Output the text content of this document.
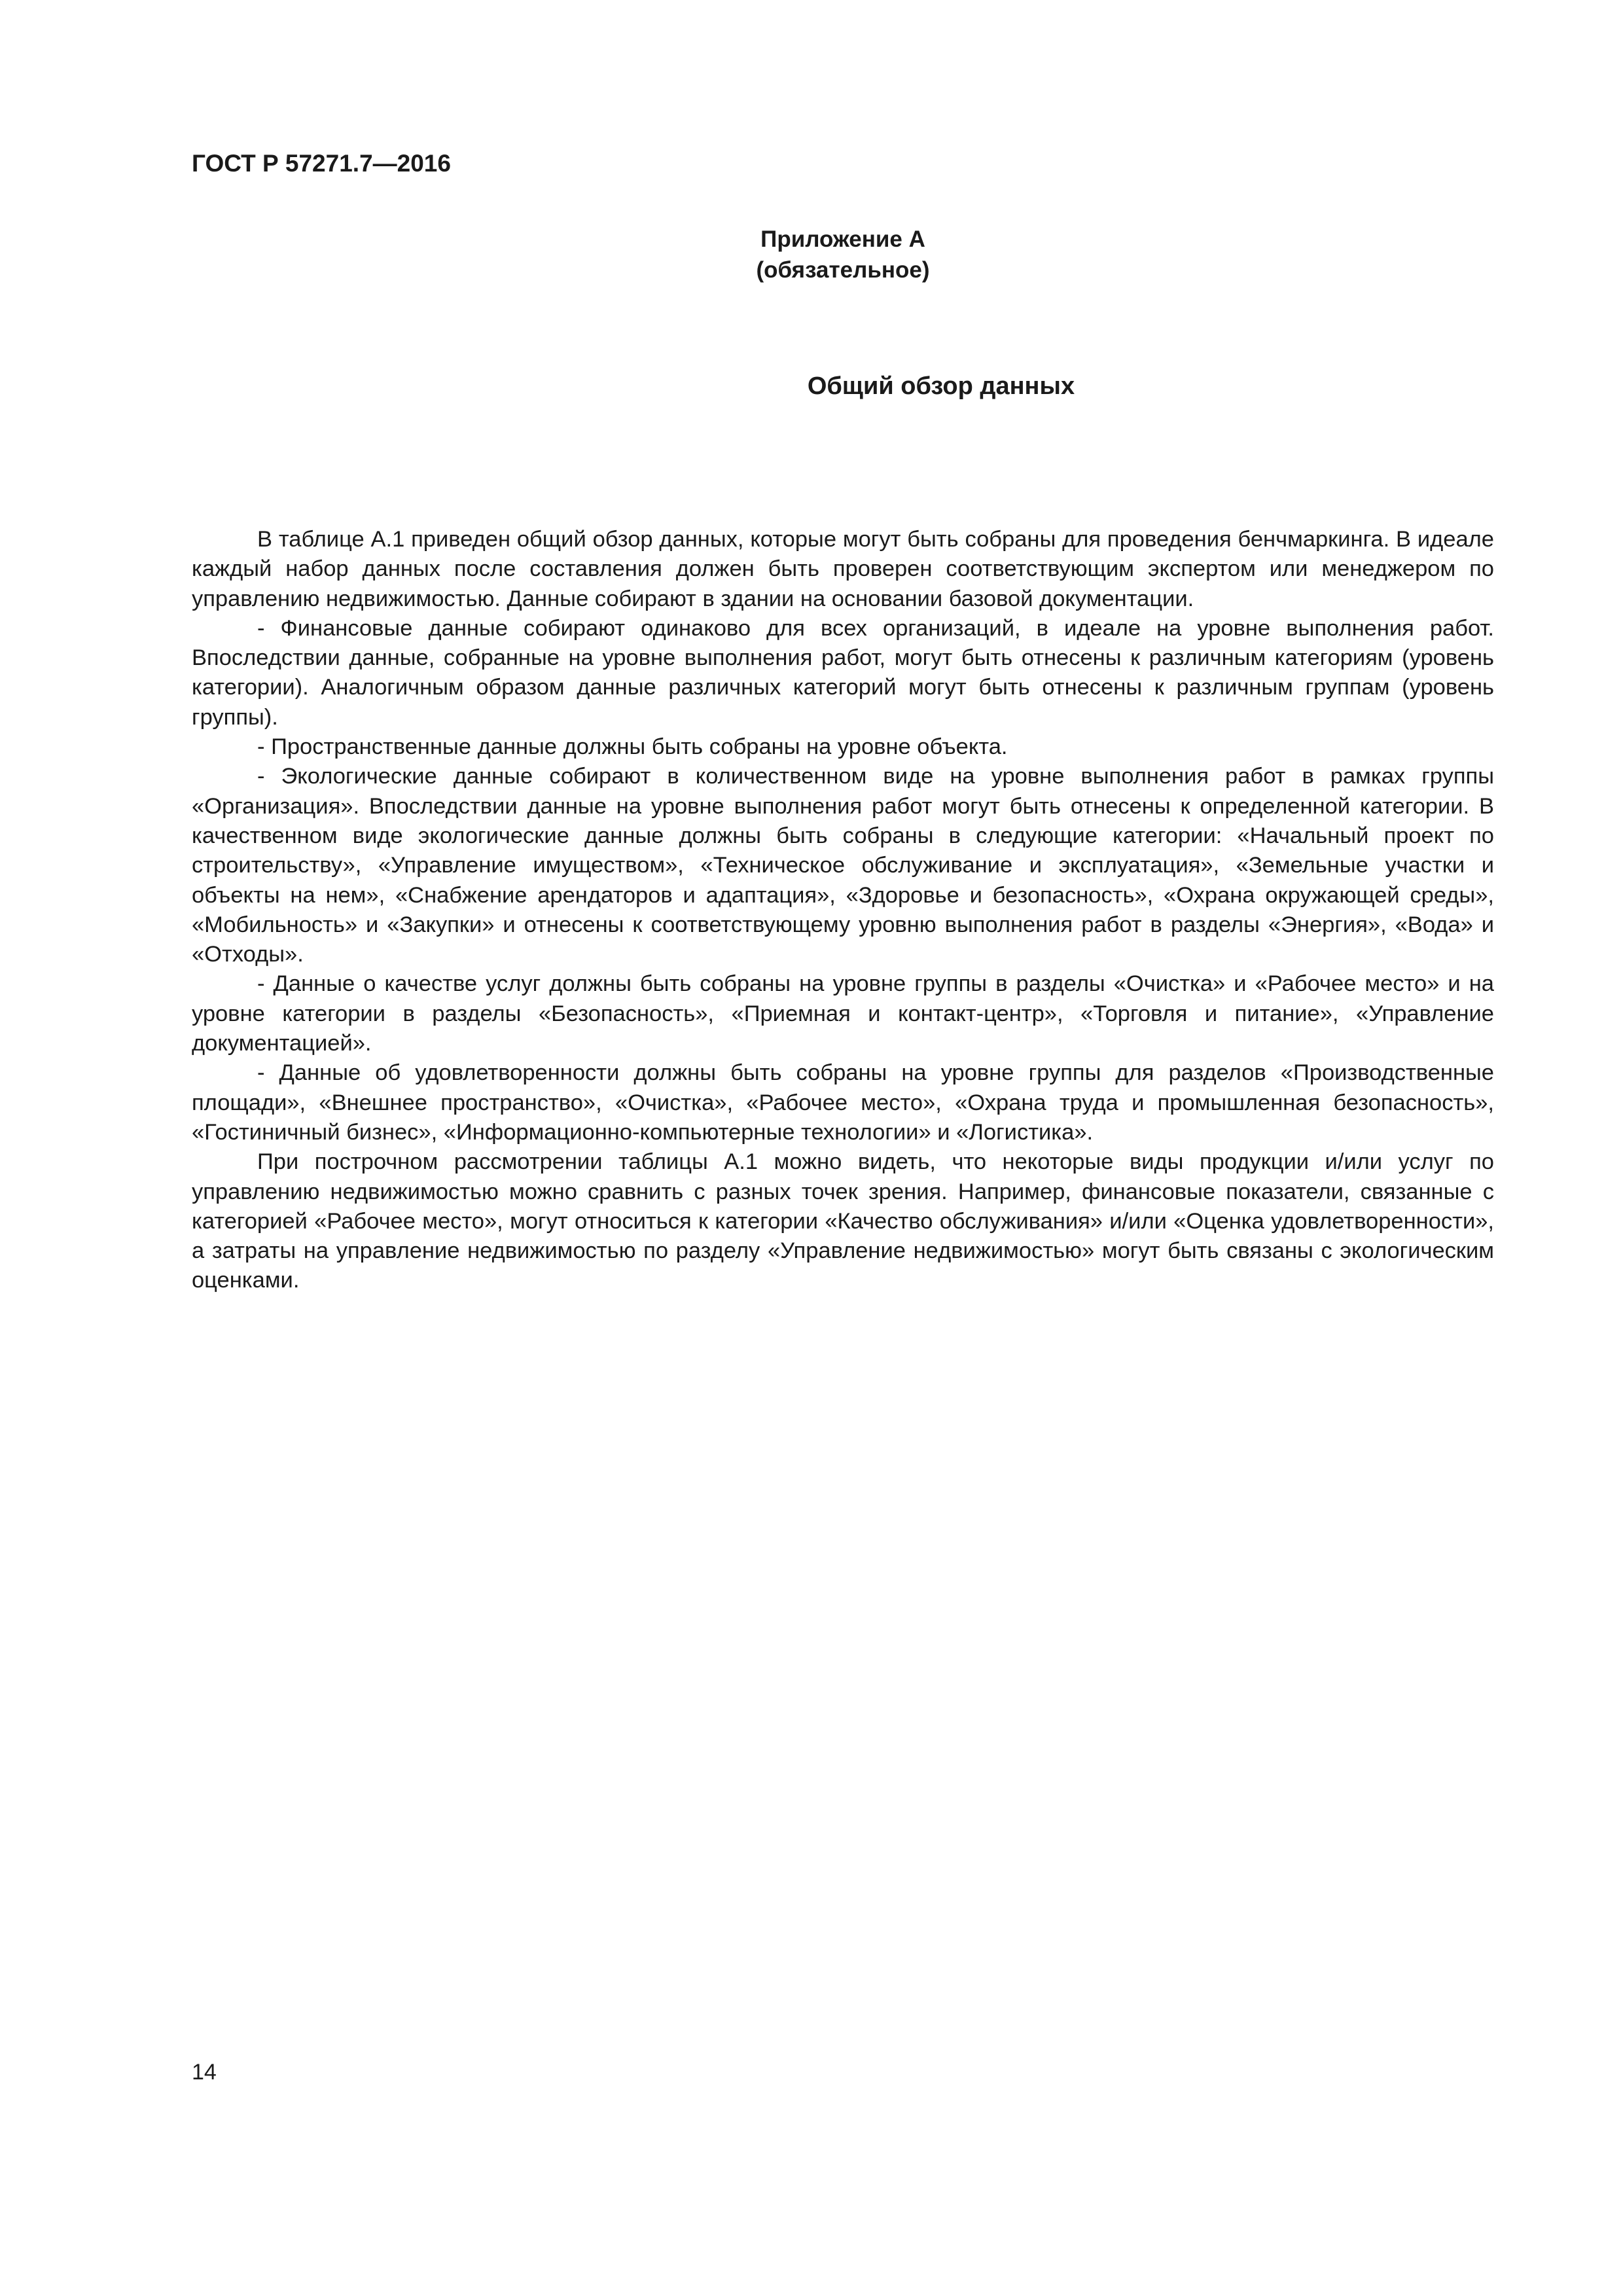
ГОСТ Р 57271.7—2016

Приложение А

(обязательное)

Общий обзор данных

В таблице А.1 приведен общий обзор данных, которые могут быть собраны для проведения бенчмаркинга. В идеале каждый набор данных после составления должен быть проверен соответствующим экспертом или менеджером по управлению недвижимостью. Данные собирают в здании на основании базовой документации.

- Финансовые данные собирают одинаково для всех организаций, в идеале на уровне выполнения работ. Впоследствии данные, собранные на уровне выполнения работ, могут быть отнесены к различным категориям (уровень категории). Аналогичным образом данные различных категорий могут быть отнесены к различным группам (уровень группы).

- Пространственные данные должны быть собраны на уровне объекта.

- Экологические данные собирают в количественном виде на уровне выполнения работ в рамках группы «Организация». Впоследствии данные на уровне выполнения работ могут быть отнесены к определенной категории. В качественном виде экологические данные должны быть собраны в следующие категории: «Начальный проект по строительству», «Управление имуществом», «Техническое обслуживание и эксплуатация», «Земельные участки и объекты на нем», «Снабжение арендаторов и адаптация», «Здоровье и безопасность», «Охрана окружающей среды», «Мобильность» и «Закупки» и отнесены к соответствующему уровню выполнения работ в разделы «Энергия», «Вода» и «Отходы».

- Данные о качестве услуг должны быть собраны на уровне группы в разделы «Очистка» и «Рабочее место» и на уровне категории в разделы «Безопасность», «Приемная и контакт-центр», «Торговля и питание», «Управление документацией».

- Данные об удовлетворенности должны быть собраны на уровне группы для разделов «Производственные площади», «Внешнее пространство», «Очистка», «Рабочее место», «Охрана труда и промышленная безопасность», «Гостиничный бизнес», «Информационно-компьютерные технологии» и «Логистика».

При построчном рассмотрении таблицы А.1 можно видеть, что некоторые виды продукции и/или услуг по управлению недвижимостью можно сравнить с разных точек зрения. Например, финансовые показатели, связанные с категорией «Рабочее место», могут относиться к категории «Качество обслуживания» и/или «Оценка удовлетворенности», а затраты на управление недвижимостью по разделу «Управление недвижимостью» могут быть связаны с экологическим оценками.

14
